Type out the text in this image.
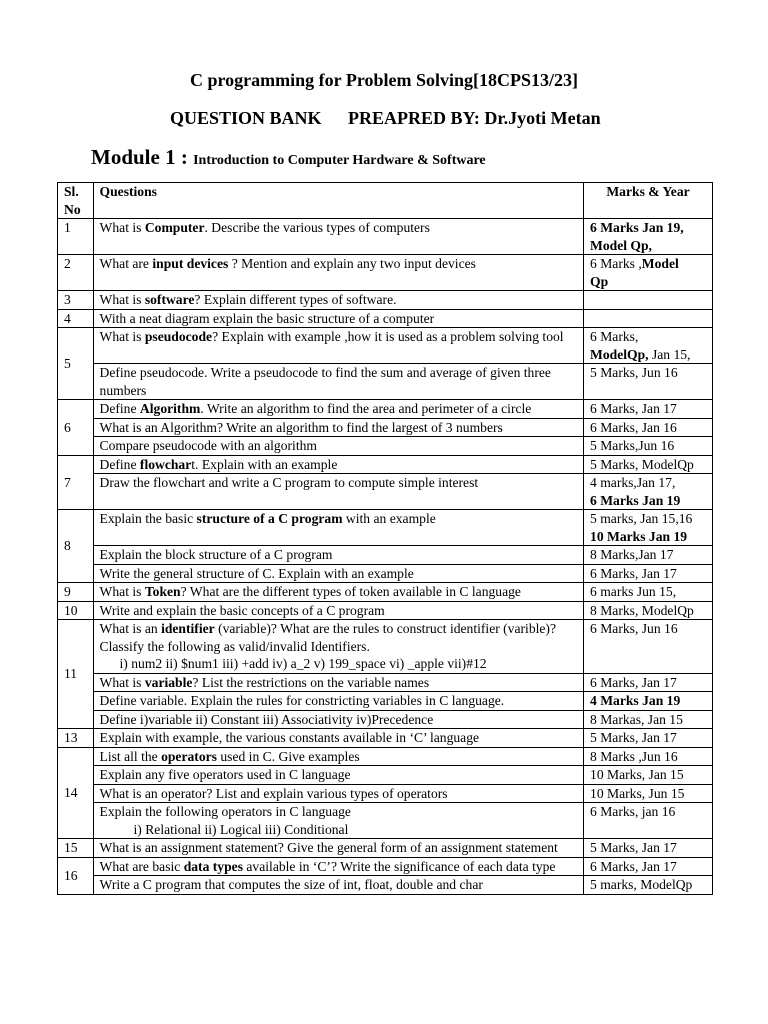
C programming for Problem Solving[18CPS13/23]
QUESTION BANK PREAPRED BY: Dr.Jyoti Metan
Module 1 : Introduction to Computer Hardware & Software
Sl. No	Questions	Marks & Year
1	What is Computer. Describe the various types of computers	6 Marks Jan 19,
Model Qp,
2	What are input devices ? Mention and explain any two input devices	6 Marks ,Model
Qp
3	What is software? Explain different types of software.	
4	With a neat diagram explain the basic structure of a computer	
5	What is pseudocode? Explain with example ,how it is used as a problem solving tool	6 Marks,
ModelQp, Jan 15,
	Define pseudocode. Write a pseudocode to find the sum and average of given three numbers	5 Marks, Jun 16
6	Define Algorithm. Write an algorithm to find the area and perimeter of a circle	6 Marks, Jan 17
	What is an Algorithm? Write an algorithm to find the largest of 3 numbers	6 Marks, Jan 16
	Compare pseudocode with an algorithm	5 Marks,Jun 16
7	Define flowchart. Explain with an example	5 Marks, ModelQp
	Draw the flowchart and write a C program to compute simple interest	4 marks,Jan 17,
6 Marks Jan 19
8	Explain the basic structure of a C program with an example	5 marks, Jan 15,16
10 Marks Jan 19
	Explain the block structure of a C program	8 Marks,Jan 17
	Write the general structure of C. Explain with an example	6 Marks, Jan 17
9	What is Token? What are the different types of token available in C language	6 marks Jun 15,
10	Write and explain the basic concepts of a C program	8 Marks, ModelQp
11	What is an identifier (variable)? What are the rules to construct identifier (varible)? Classify the following as valid/invalid Identifiers.
i) num2 ii) $num1 iii) +add iv) a_2 v) 199_space vi) _apple vii)#12	6 Marks, Jun 16
	What is variable? List the restrictions on the variable names	6 Marks, Jan 17
	Define variable. Explain the rules for constricting variables in C language.	4 Marks Jan 19
	Define i)variable ii) Constant iii) Associativity iv)Precedence	8 Markas, Jan 15
13	Explain with example, the various constants available in ‘C’ language	5 Marks, Jan 17
14	List all the operators used in C. Give examples	8 Marks ,Jun 16
	Explain any five operators used in C language	10 Marks, Jan 15
	What is an operator? List and explain various types of operators	10 Marks, Jun 15
	Explain the following operators in C language
i) Relational ii) Logical iii) Conditional	6 Marks, jan 16
15	What is an assignment statement? Give the general form of an assignment statement	5 Marks, Jan 17
16	What are basic data types available in ‘C’? Write the significance of each data type	6 Marks, Jan 17
	Write a C program that computes the size of int, float, double and char	5 marks, ModelQp
